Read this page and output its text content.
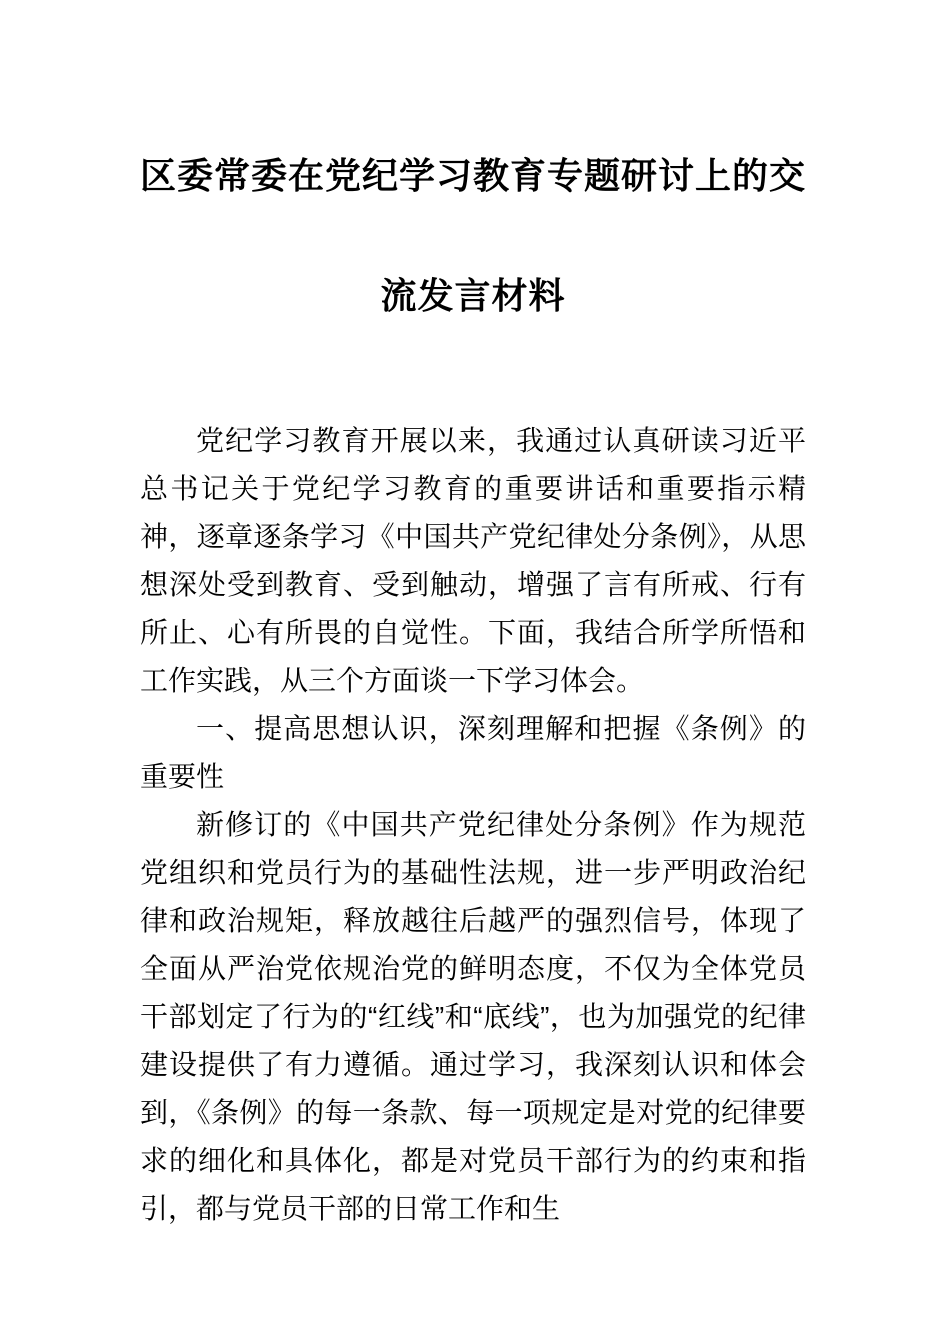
区委常委在党纪学习教育专题研讨上的交
流发言材料

党纪学习教育开展以来，我通过认真研读习近平总书记关于党纪学习教育的重要讲话和重要指示精神，逐章逐条学习《中国共产党纪律处分条例》，从思想深处受到教育、受到触动，增强了言有所戒、行有所止、心有所畏的自觉性。下面，我结合所学所悟和工作实践，从三个方面谈一下学习体会。

一、提高思想认识，深刻理解和把握《条例》的重要性

新修订的《中国共产党纪律处分条例》作为规范党组织和党员行为的基础性法规，进一步严明政治纪律和政治规矩，释放越往后越严的强烈信号，体现了全面从严治党依规治党的鲜明态度，不仅为全体党员干部划定了行为的“红线”和“底线”，也为加强党的纪律建设提供了有力遵循。通过学习，我深刻认识和体会到，《条例》的每一条款、每一项规定是对党的纪律要求的细化和具体化，都是对党员干部行为的约束和指引，都与党员干部的日常工作和生
